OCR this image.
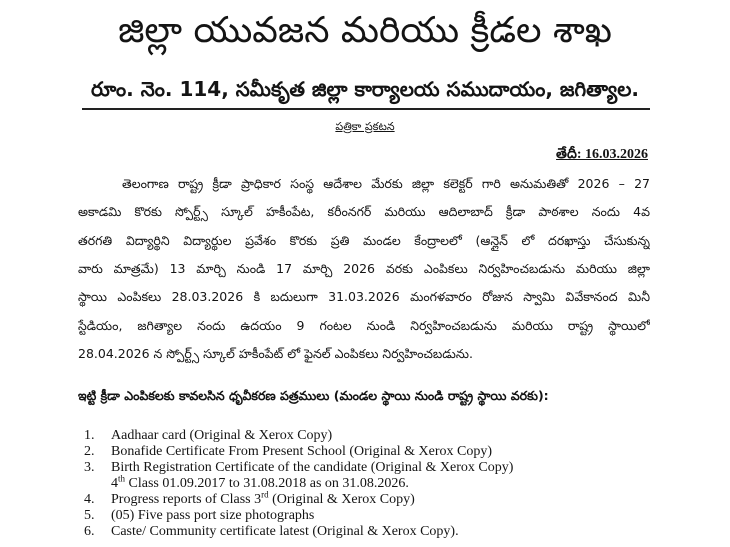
జిల్లా యువజన మరియు క్రీడల శాఖ
రూం. నెం. 114, సమీకృత జిల్లా కార్యాలయ సముదాయం, జగిత్యాల.
పత్రికా ప్రకటన
తేదీ: 16.03.2026
తెలంగాణ రాష్ట్ర క్రీడా ప్రాధికార సంస్థ ఆదేశాల మేరకు జిల్లా కలెక్టర్ గారి అనుమతితో 2026 – 27
అకాడమి కొరకు స్పోర్ట్స్ స్కూల్ హకీంపేట, కరీంనగర్ మరియు ఆదిలాబాద్ క్రీడా పాఠశాల నందు 4వ
తరగతి విద్యార్థిని విద్యార్థుల ప్రవేశం కొరకు ప్రతి మండల కేంద్రాలలో (ఆన్లైన్ లో దరఖాస్తు చేసుకున్న
వారు మాత్రమే) 13 మార్చి నుండి 17 మార్చి 2026 వరకు ఎంపికలు నిర్వహించబడును మరియు జిల్లా
స్థాయి ఎంపికలు 28.03.2026 కి బదులుగా 31.03.2026 మంగళవారం రోజున స్వామి వివేకానంద మినీ
స్టేడియం, జగిత్యాల నందు ఉదయం 9 గంటల నుండి నిర్వహించబడును మరియు రాష్ట్ర స్థాయిలో
28.04.2026 న స్పోర్ట్స్ స్కూల్ హకీంపేట్ లో ఫైనల్ ఎంపికలు నిర్వహించబడును.
ఇట్టి క్రీడా ఎంపికలకు కావలసిన ధృవీకరణ పత్రములు (మండల స్థాయి నుండి రాష్ట్ర స్థాయి వరకు):
1. Aadhaar card (Original & Xerox Copy)
2. Bonafide Certificate From Present School (Original & Xerox Copy)
3. Birth Registration Certificate of the candidate (Original & Xerox Copy)
4th Class 01.09.2017 to 31.08.2018 as on 31.08.2026.
4. Progress reports of Class 3rd (Original & Xerox Copy)
5. (05) Five pass port size photographs
6. Caste/ Community certificate latest (Original & Xerox Copy).
